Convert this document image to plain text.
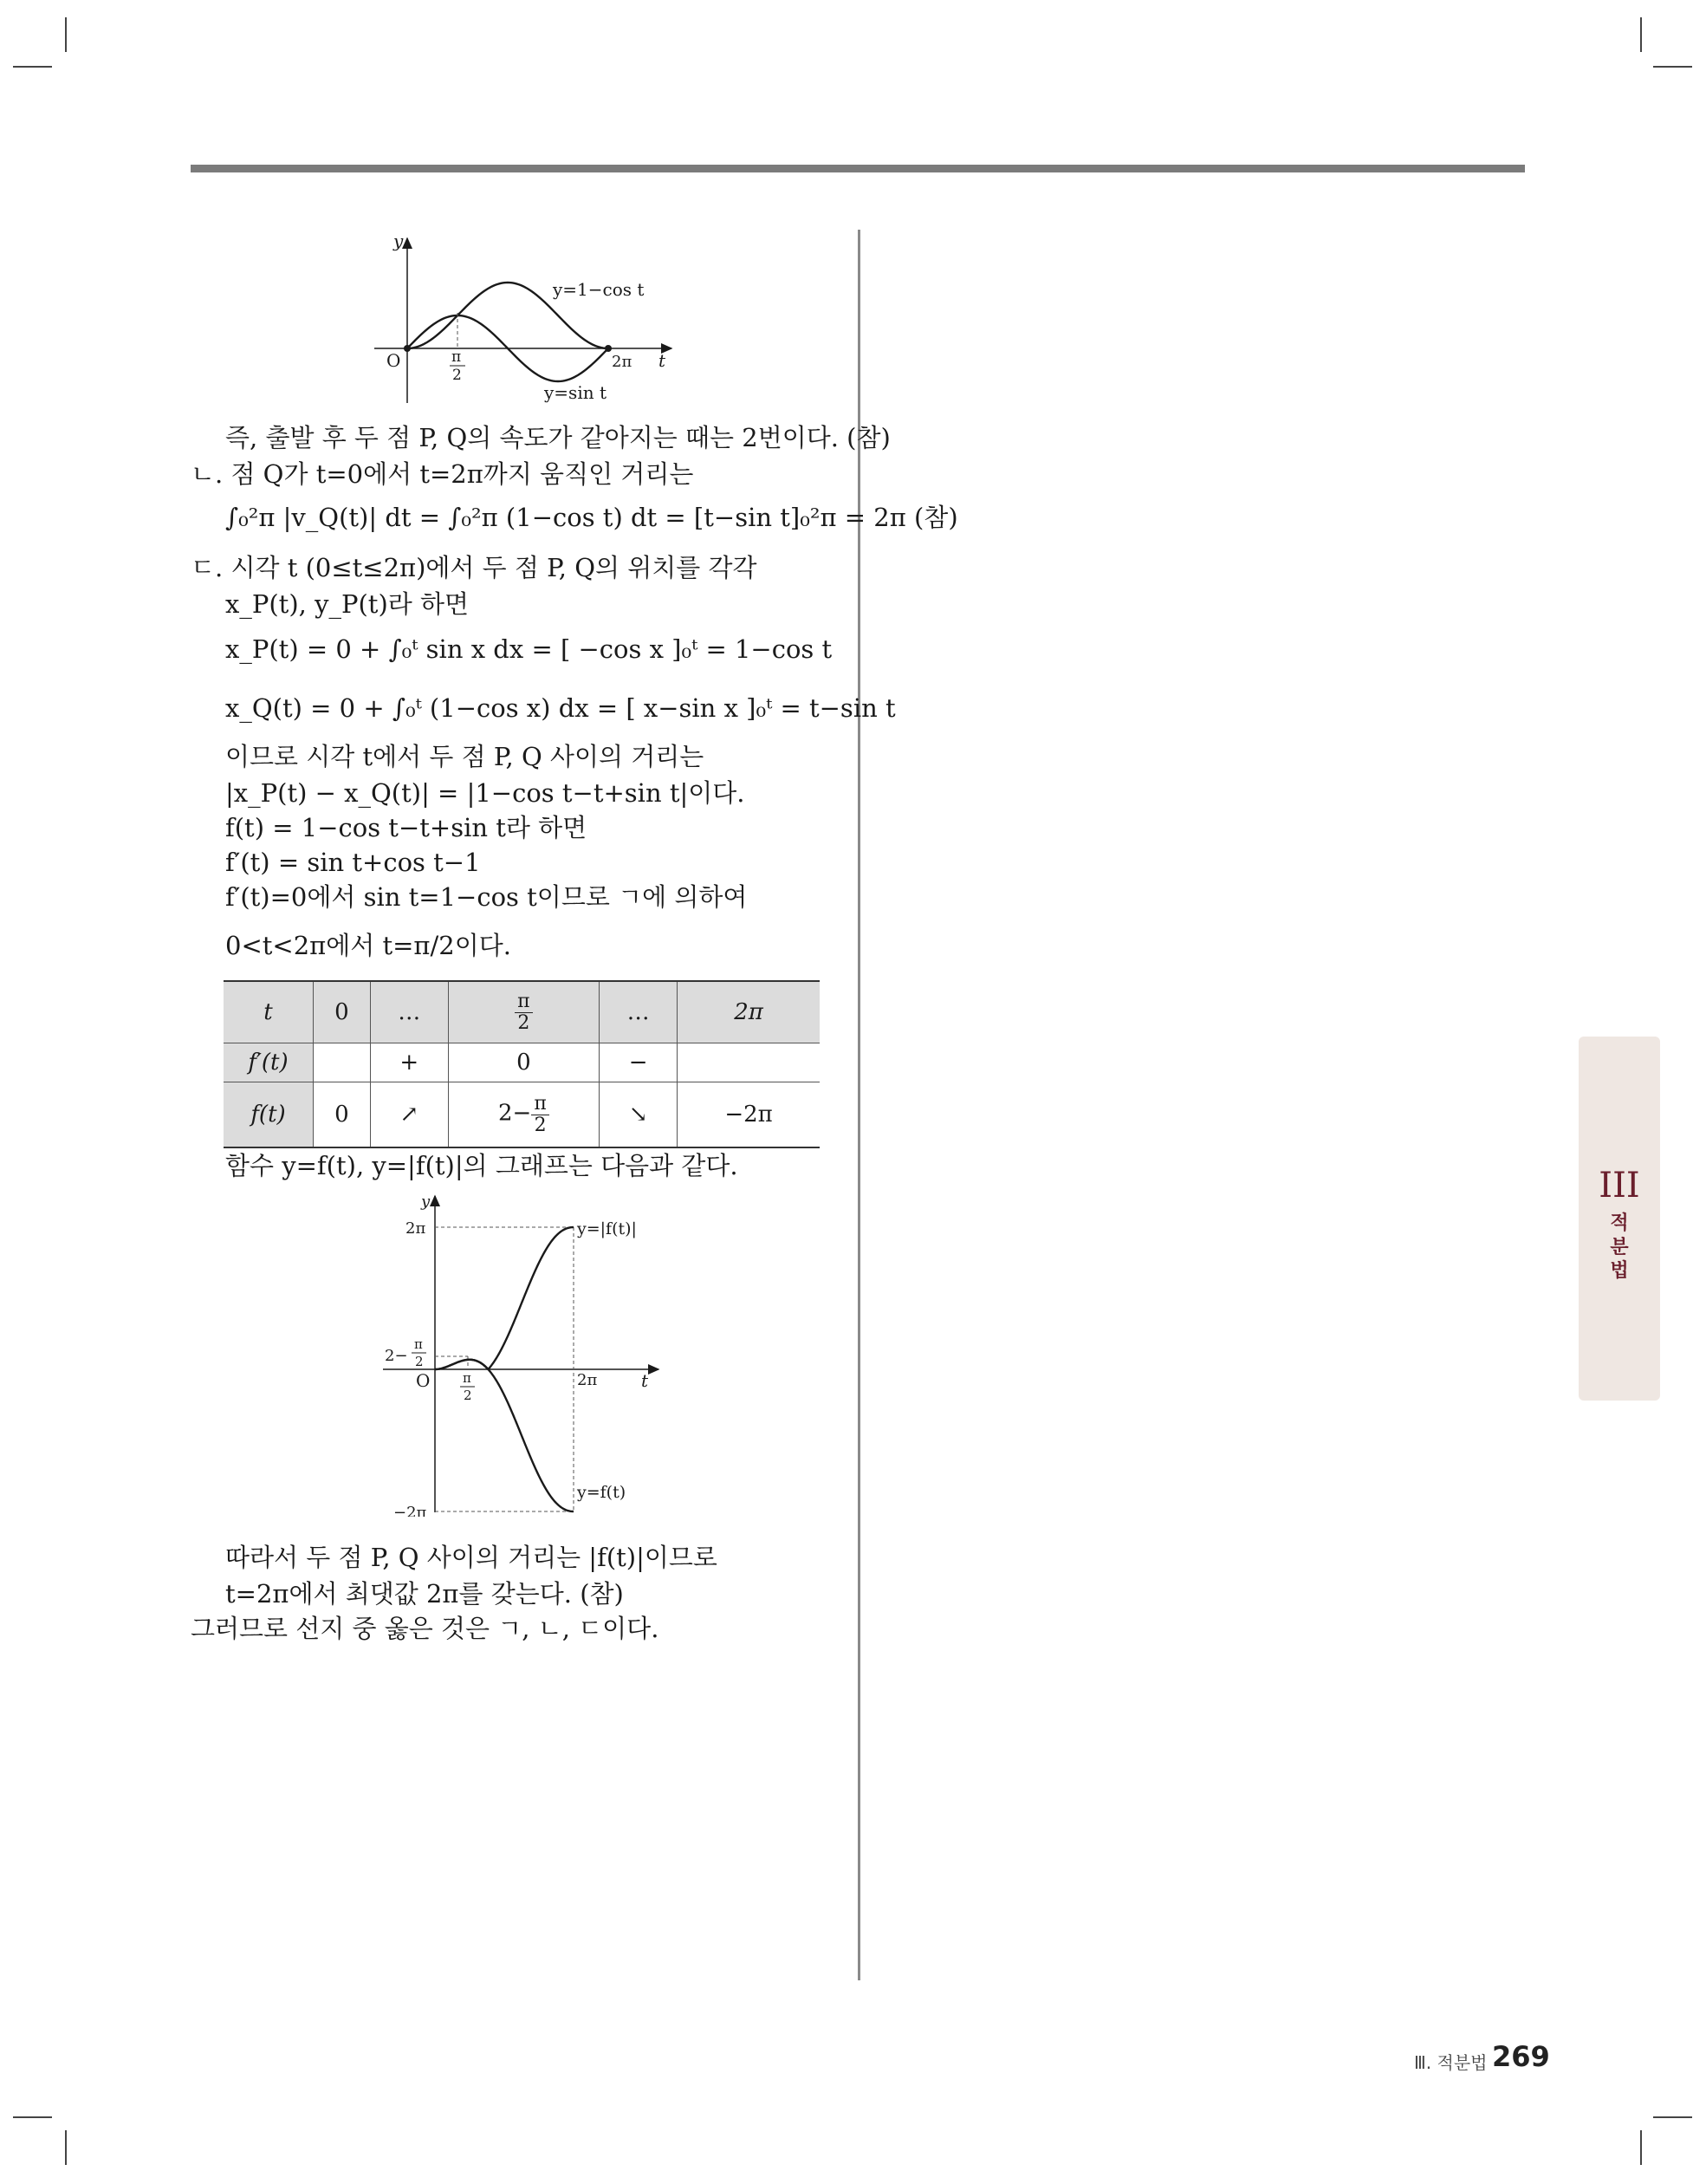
y
t
O	π
2
2π
y=1−cos t
y=sin t
즉, 출발 후 두 점 P, Q의 속도가 같아지는 때는 2번이다. (참)
ㄴ. 점 Q가 t=0에서 t=2π까지 움직인 거리는
∫₀²π |v_Q(t)| dt = ∫₀²π (1−cos t) dt = [t−sin t]₀²π = 2π (참)
ㄷ. 시각 t (0≤t≤2π)에서 두 점 P, Q의 위치를 각각
x_P(t), y_P(t)라 하면
x_P(t) = 0 + ∫₀ᵗ sin x dx = [ −cos x ]₀ᵗ = 1−cos t
x_Q(t) = 0 + ∫₀ᵗ (1−cos x) dx = [ x−sin x ]₀ᵗ = t−sin t
이므로 시각 t에서 두 점 P, Q 사이의 거리는
|x_P(t) − x_Q(t)| = |1−cos t−t+sin t|이다.
f(t) = 1−cos t−t+sin t라 하면
f′(t) = sin t+cos t−1
f′(t)=0에서 sin t=1−cos t이므로 ㄱ에 의하여
0<t<2π에서 t=π/2이다.
t	0	…	$\frac{\pi}{2}$	…	2π
f′(t)		+	0	−	
f(t)	0	↗	$2- \frac{\pi}{2}$	↘	−2π
함수 y=f(t), y=|f(t)|의 그래프는 다음과 같다.
y
t
O
2π
−2π
2−
π
2
π
2
2π
y=|f(t)|
y=f(t)
따라서 두 점 P, Q 사이의 거리는 |f(t)|이므로
t=2π에서 최댓값 2π를 갖는다. (참)
그러므로 선지 중 옳은 것은 ㄱ, ㄴ, ㄷ이다.
III
적
분
법
Ⅲ. 적분법 269
